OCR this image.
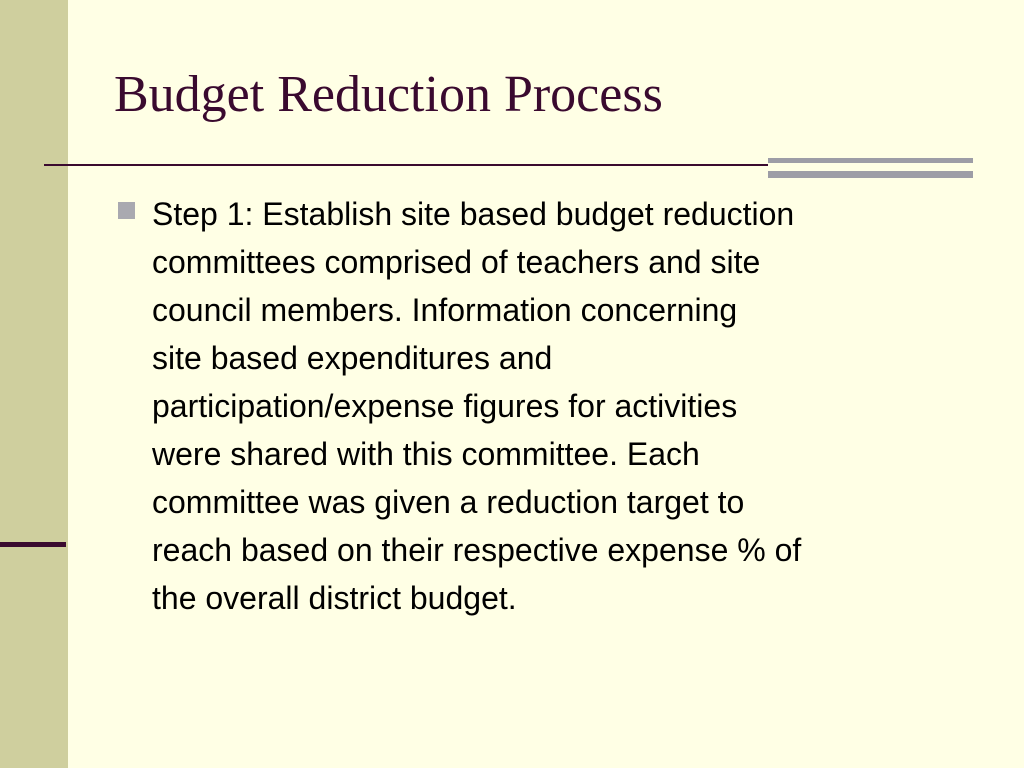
Budget Reduction Process
Step 1: Establish site based budget reduction
committees comprised of teachers and site
council members. Information concerning
site based expenditures and
participation/expense figures for activities
were shared with this committee. Each
committee was given a reduction target to
reach based on their respective expense % of
the overall district budget.
